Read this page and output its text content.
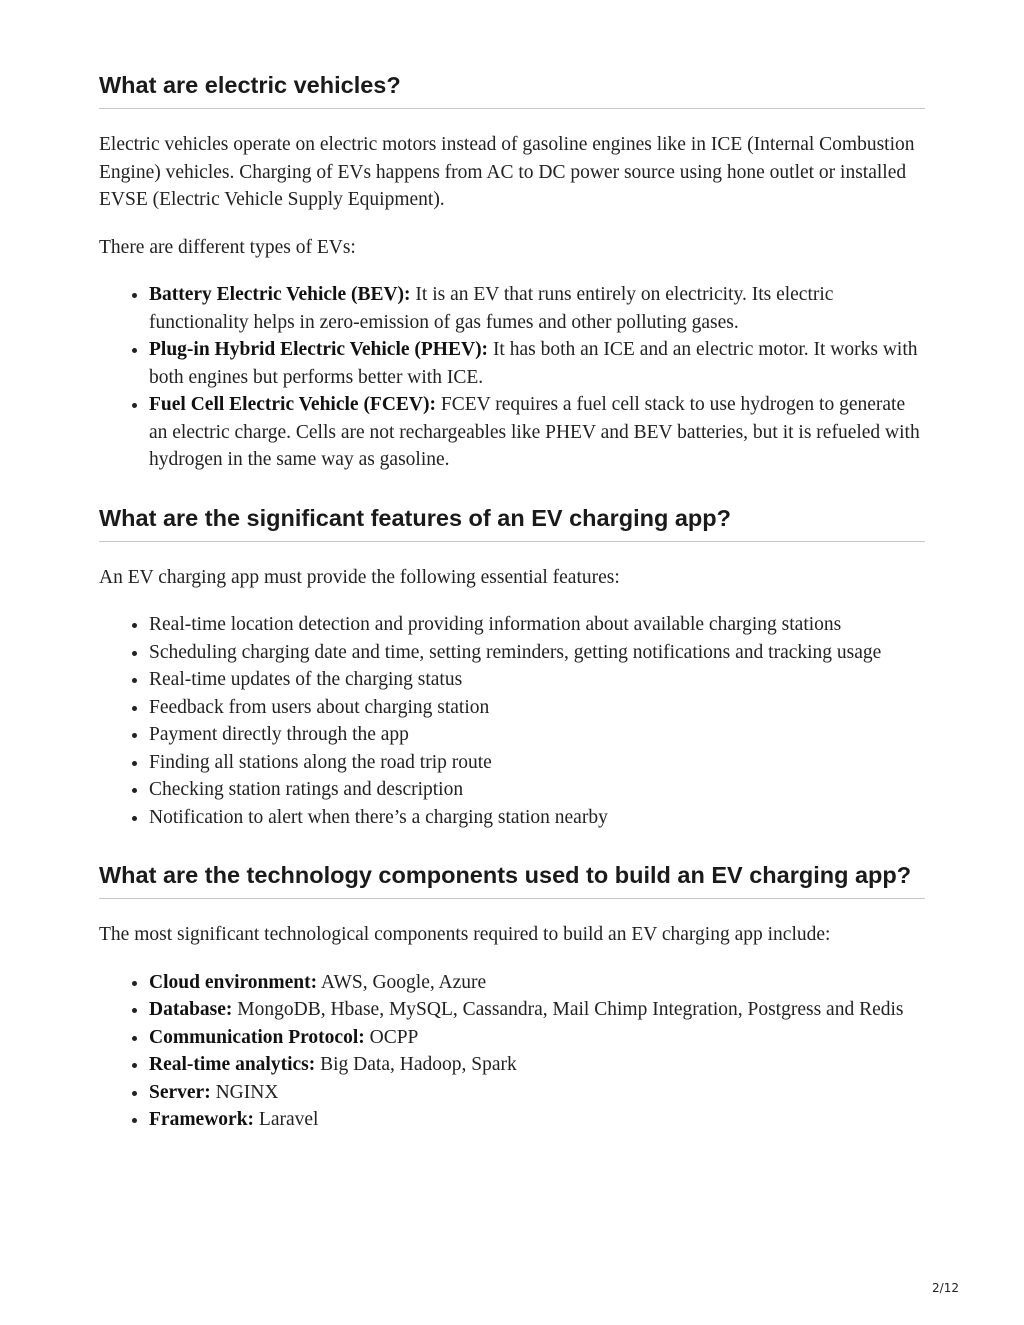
What are electric vehicles?

Electric vehicles operate on electric motors instead of gasoline engines like in ICE (Internal Combustion Engine) vehicles. Charging of EVs happens from AC to DC power source using hone outlet or installed EVSE (Electric Vehicle Supply Equipment).

There are different types of EVs:

• Battery Electric Vehicle (BEV): It is an EV that runs entirely on electricity. Its electric functionality helps in zero-emission of gas fumes and other polluting gases.
• Plug-in Hybrid Electric Vehicle (PHEV): It has both an ICE and an electric motor. It works with both engines but performs better with ICE.
• Fuel Cell Electric Vehicle (FCEV): FCEV requires a fuel cell stack to use hydrogen to generate an electric charge. Cells are not rechargeables like PHEV and BEV batteries, but it is refueled with hydrogen in the same way as gasoline.
What are the significant features of an EV charging app?

An EV charging app must provide the following essential features:

• Real-time location detection and providing information about available charging stations
• Scheduling charging date and time, setting reminders, getting notifications and tracking usage
• Real-time updates of the charging status
• Feedback from users about charging station
• Payment directly through the app
• Finding all stations along the road trip route
• Checking station ratings and description
• Notification to alert when there’s a charging station nearby
What are the technology components used to build an EV charging app?

The most significant technological components required to build an EV charging app include:

• Cloud environment: AWS, Google, Azure
• Database: MongoDB, Hbase, MySQL, Cassandra, Mail Chimp Integration, Postgress and Redis
• Communication Protocol: OCPP
• Real-time analytics: Big Data, Hadoop, Spark
• Server: NGINX
• Framework: Laravel
2/12
